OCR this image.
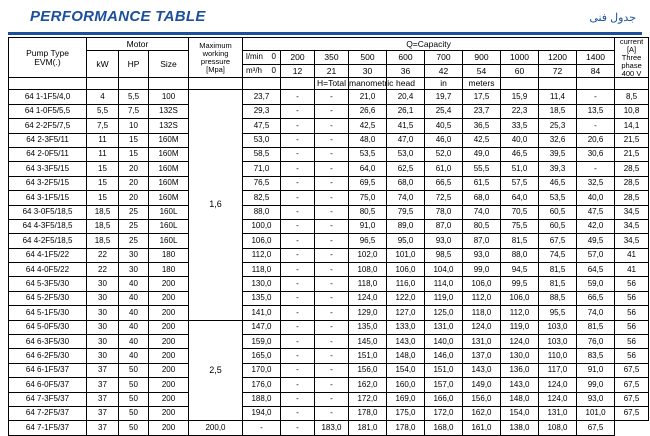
PERFORMANCE TABLE	جدول فنی
Pump Type
EVM(.)
	Motor	Maximum working pressure
[Mpa]
	Q=Capacity	current
[A]
Three
phase
400 V

	kW	HP	Size		l/min 0	200	350	500	600	700	900	1000	1200	1400	
					m³/h 0	12	21	30	36	42	54	60	72	84	
							H=Total	manometric	head	in	meters				
64 1-1F5/4,0	4	5,5	100	1,6	23,7	-	-	21,0	20,4	19,7	17,5	15,9	11,4	-	8,5
64 1-0F5/5,5	5,5	7,5	132S		29,3	-	-	26,6	26,1	25,4	23,7	22,3	18,5	13,5	10,8
64 2-2F5/7,5	7,5	10	132S		47,5	-	-	42,5	41,5	40,5	36,5	33,5	25,3	-	14,1
64 2-3F5/11	11	15	160M		53,0	-	-	48,0	47,0	46,0	42,5	40,0	32,6	20,6	21,5
64 2-0F5/11	11	15	160M		58,5	-	-	53,5	53,0	52,0	49,0	46,5	39,5	30,6	21,5
64 3-3F5/15	15	20	160M		71,0	-	-	64,0	62,5	61,0	55,5	51,0	39,3	-	28,5
64 3-2F5/15	15	20	160M		76,5	-	-	69,5	68,0	66,5	61,5	57,5	46,5	32,5	28,5
64 3-1F5/15	15	20	160M		82,5	-	-	75,0	74,0	72,5	68,0	64,0	53,5	40,0	28,5
64 3-0F5/18,5	18,5	25	160L		88,0	-	-	80,5	79,5	78,0	74,0	70,5	60,5	47,5	34,5
64 4-3F5/18,5	18,5	25	160L		100,0	-	-	91,0	89,0	87,0	80,5	75,5	60,5	42,0	34,5
64 4-2F5/18,5	18,5	25	160L		106,0	-	-	96,5	95,0	93,0	87,0	81,5	67,5	49,5	34,5
64 4-1F5/22	22	30	180		112,0	-	-	102,0	101,0	98,5	93,0	88,0	74,5	57,0	41
64 4-0F5/22	22	30	180		118,0	-	-	108,0	106,0	104,0	99,0	94,5	81,5	64,5	41
64 5-3F5/30	30	40	200		130,0	-	-	118,0	116,0	114,0	106,0	99,5	81,5	59,0	56
64 5-2F5/30	30	40	200		135,0	-	-	124,0	122,0	119,0	112,0	106,0	88,5	66,5	56
64 5-1F5/30	30	40	200		141,0	-	-	129,0	127,0	125,0	118,0	112,0	95,5	74,0	56
64 5-0F5/30	30	40	200	2,5	147,0	-	-	135,0	133,0	131,0	124,0	119,0	103,0	81,5	56
64 6-3F5/30	30	40	200		159,0	-	-	145,0	143,0	140,0	131,0	124,0	103,0	76,0	56
64 6-2F5/30	30	40	200		165,0	-	-	151,0	148,0	146,0	137,0	130,0	110,0	83,5	56
64 6-1F5/37	37	50	200		170,0	-	-	156,0	154,0	151,0	143,0	136,0	117,0	91,0	67,5
64 6-0F5/37	37	50	200		176,0	-	-	162,0	160,0	157,0	149,0	143,0	124,0	99,0	67,5
64 7-3F5/37	37	50	200		188,0	-	-	172,0	169,0	166,0	156,0	148,0	124,0	93,0	67,5
64 7-2F5/37	37	50	200		194,0	-	-	178,0	175,0	172,0	162,0	154,0	131,0	101,0	67,5
64 7-1F5/37	37	50	200	200,0	-	-	183,0	181,0	178,0	168,0	161,0	138,0	108,0	67,5	
